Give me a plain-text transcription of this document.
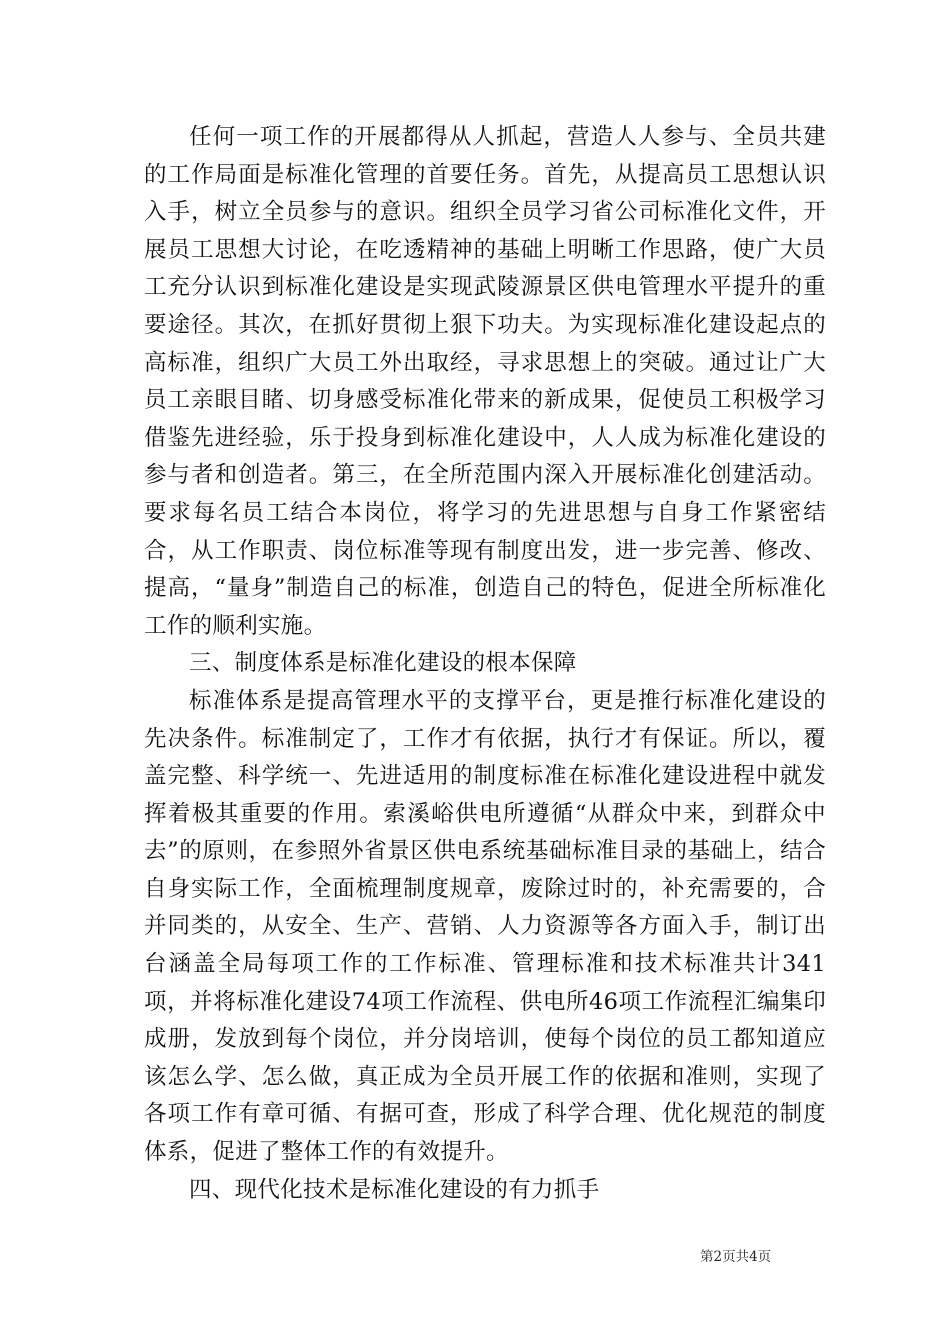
任何一项工作的开展都得从人抓起，营造人人参与、全员共建的工作局面是标准化管理的首要任务。首先，从提高员工思想认识入手，树立全员参与的意识。组织全员学习省公司标准化文件，开展员工思想大讨论，在吃透精神的基础上明晰工作思路，使广大员工充分认识到标准化建设是实现武陵源景区供电管理水平提升的重要途径。其次，在抓好贯彻上狠下功夫。为实现标准化建设起点的高标准，组织广大员工外出取经，寻求思想上的突破。通过让广大员工亲眼目睹、切身感受标准化带来的新成果，促使员工积极学习借鉴先进经验，乐于投身到标准化建设中，人人成为标准化建设的参与者和创造者。第三，在全所范围内深入开展标准化创建活动。要求每名员工结合本岗位，将学习的先进思想与自身工作紧密结合，从工作职责、岗位标准等现有制度出发，进一步完善、修改、提高，“量身”制造自己的标准，创造自己的特色，促进全所标准化工作的顺利实施。

三、制度体系是标准化建设的根本保障

标准体系是提高管理水平的支撑平台，更是推行标准化建设的先决条件。标准制定了，工作才有依据，执行才有保证。所以，覆盖完整、科学统一、先进适用的制度标准在标准化建设进程中就发挥着极其重要的作用。索溪峪供电所遵循“从群众中来，到群众中去”的原则，在参照外省景区供电系统基础标准目录的基础上，结合自身实际工作，全面梳理制度规章，废除过时的，补充需要的，合并同类的，从安全、生产、营销、人力资源等各方面入手，制订出台涵盖全局每项工作的工作标准、管理标准和技术标准共计341项，并将标准化建设74项工作流程、供电所46项工作流程汇编集印成册，发放到每个岗位，并分岗培训，使每个岗位的员工都知道应该怎么学、怎么做，真正成为全员开展工作的依据和准则，实现了各项工作有章可循、有据可查，形成了科学合理、优化规范的制度体系，促进了整体工作的有效提升。

四、现代化技术是标准化建设的有力抓手

第2页共4页
